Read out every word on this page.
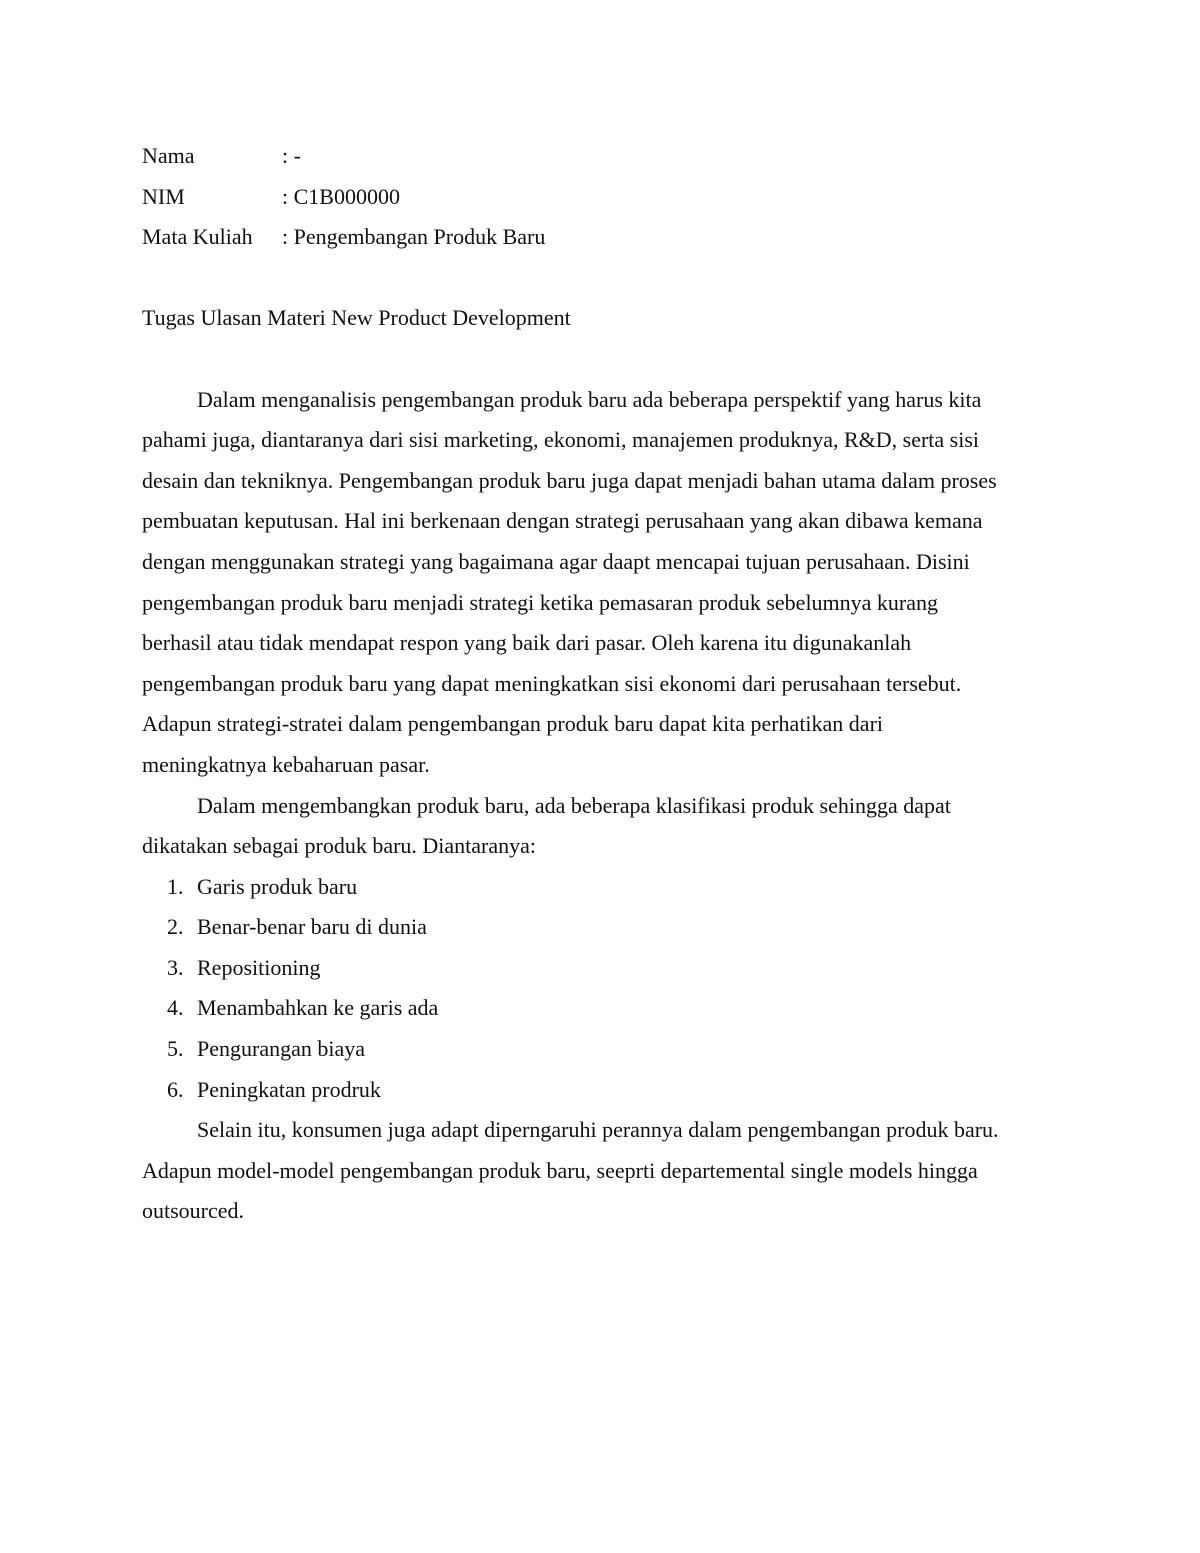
Nama	: -
NIM	: C1B000000
Mata Kuliah	: Pengembangan Produk Baru
Tugas Ulasan Materi New Product Development
Dalam menganalisis pengembangan produk baru ada beberapa perspektif yang harus kita
pahami juga, diantaranya dari sisi marketing, ekonomi, manajemen produknya, R&D, serta sisi
desain dan tekniknya. Pengembangan produk baru juga dapat menjadi bahan utama dalam proses
pembuatan keputusan. Hal ini berkenaan dengan strategi perusahaan yang akan dibawa kemana
dengan menggunakan strategi yang bagaimana agar daapt mencapai tujuan perusahaan. Disini
pengembangan produk baru menjadi strategi ketika pemasaran produk sebelumnya kurang
berhasil atau tidak mendapat respon yang baik dari pasar. Oleh karena itu digunakanlah
pengembangan produk baru yang dapat meningkatkan sisi ekonomi dari perusahaan tersebut.
Adapun strategi-stratei dalam pengembangan produk baru dapat kita perhatikan dari
meningkatnya kebaharuan pasar.
Dalam mengembangkan produk baru, ada beberapa klasifikasi produk sehingga dapat
dikatakan sebagai produk baru. Diantaranya:
1. Garis produk baru
2. Benar-benar baru di dunia
3. Repositioning
4. Menambahkan ke garis ada
5. Pengurangan biaya
6. Peningkatan prodruk
Selain itu, konsumen juga adapt diperngaruhi perannya dalam pengembangan produk baru.
Adapun model-model pengembangan produk baru, seeprti departemental single models hingga
outsourced.
